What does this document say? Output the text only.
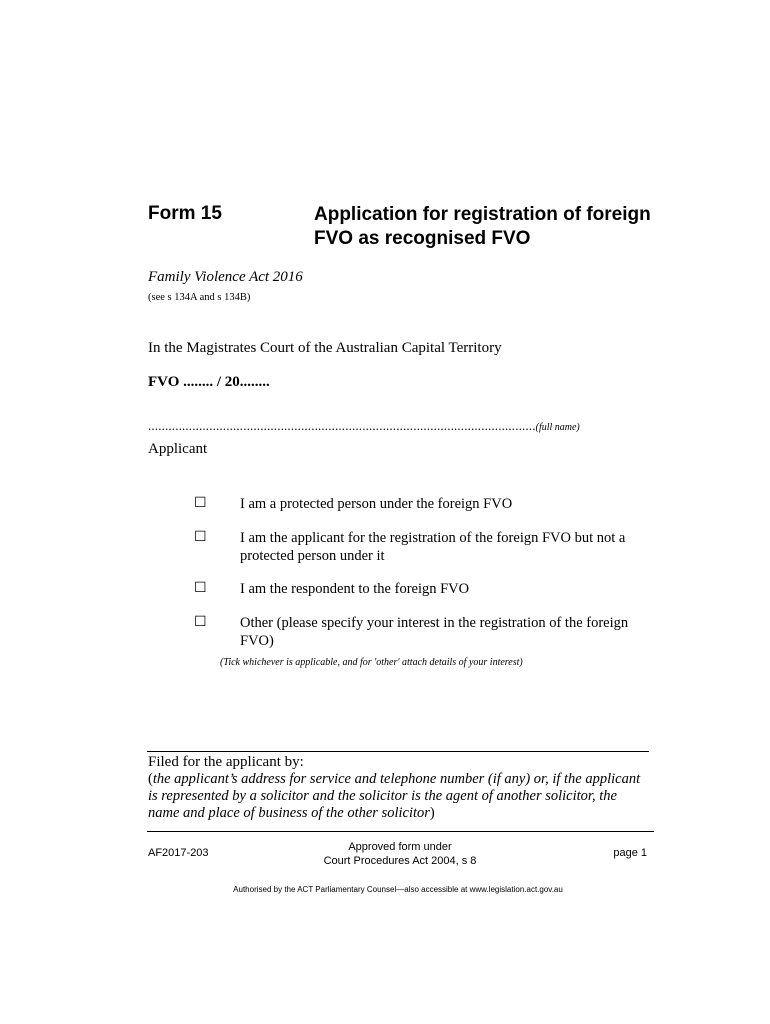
Form 15	Application for registration of foreign FVO as recognised FVO
Family Violence Act 2016
(see s 134A and s 134B)
In the Magistrates Court of the Australian Capital Territory
FVO ........ / 20........
..................................................................................................................(full name)
Applicant
☐ I am a protected person under the foreign FVO
☐ I am the applicant for the registration of the foreign FVO but not a protected person under it
☐ I am the respondent to the foreign FVO
☐ Other (please specify your interest in the registration of the foreign FVO)
(Tick whichever is applicable, and for 'other' attach details of your interest)
Filed for the applicant by:
(the applicant’s address for service and telephone number (if any) or, if the applicant is represented by a solicitor and the solicitor is the agent of another solicitor, the name and place of business of the other solicitor)
AF2017-203	Approved form under
Court Procedures Act 2004, s 8
page 1
Authorised by the ACT Parliamentary Counsel—also accessible at www.legislation.act.gov.au
